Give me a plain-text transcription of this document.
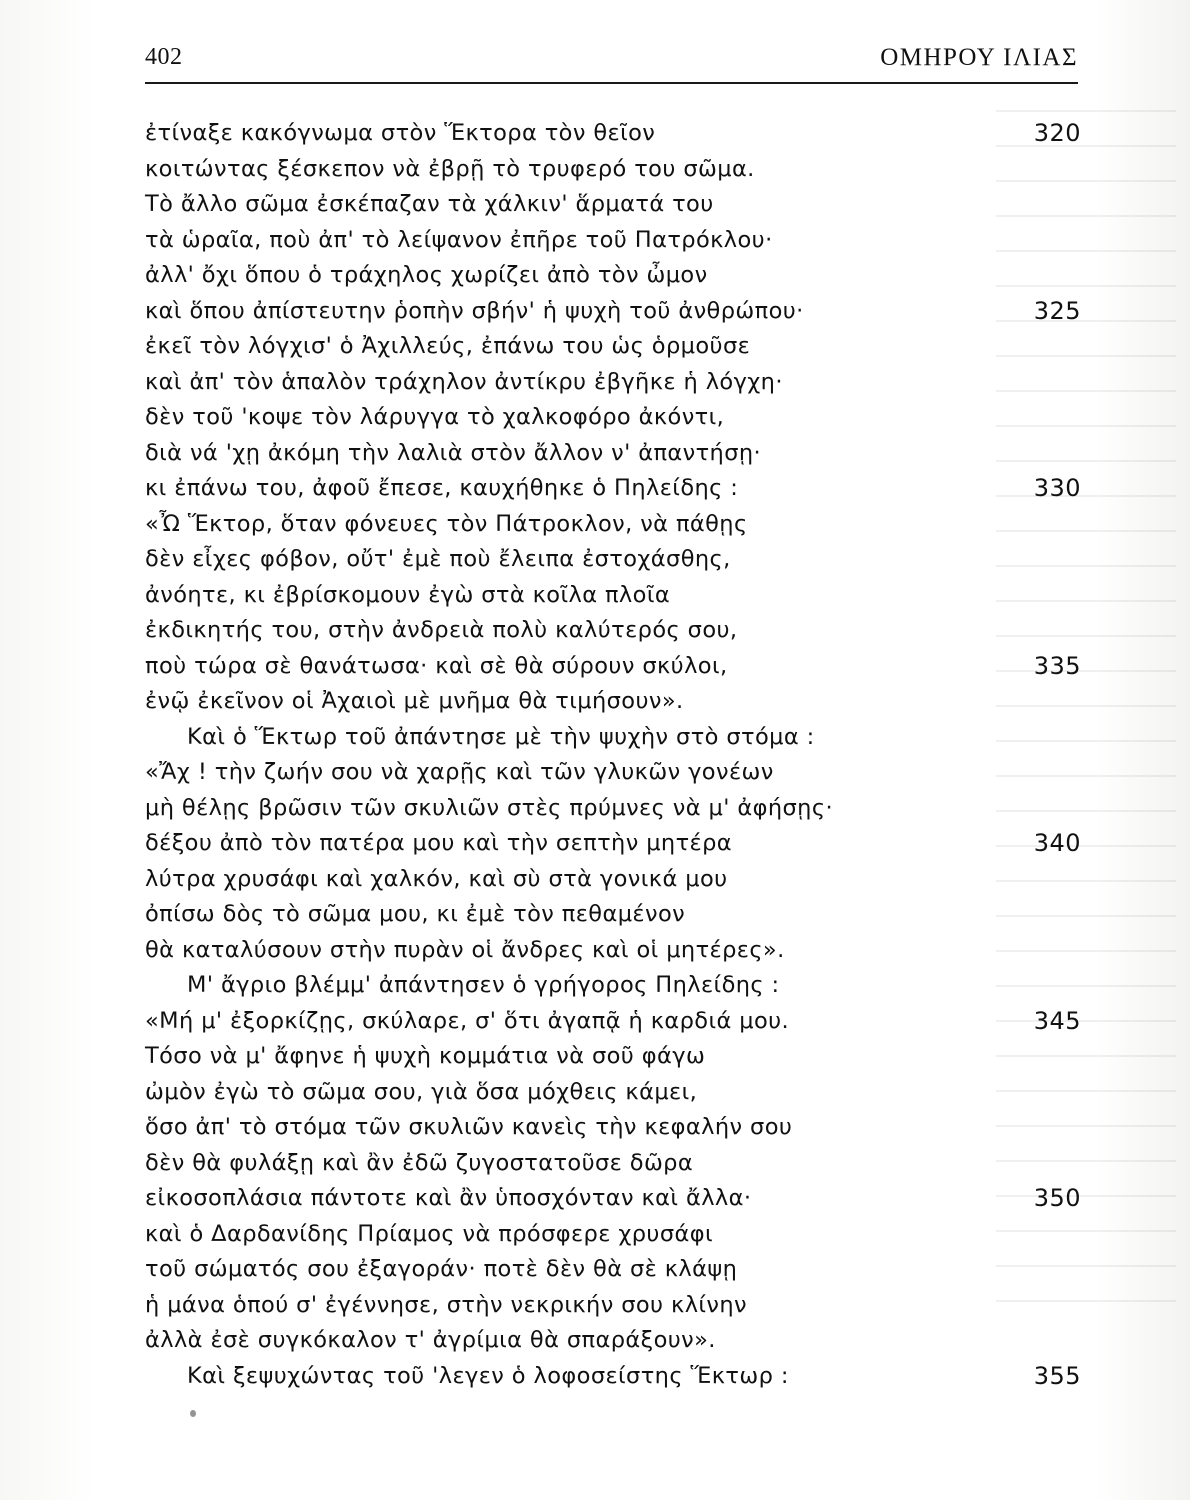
402	ΟΜΗΡΟΥ ΙΛΙΑΣ
ἐτίναξε κακόγνωμα στὸν Ἕκτορα τὸν θεῖον	320
κοιτώντας ξέσκεπον νὰ ἐβρῇ τὸ τρυφερό του σῶμα.
Τὸ ἄλλο σῶμα ἐσκέπαζαν τὰ χάλκιν' ἅρματά του
τὰ ὡραῖα, ποὺ ἀπ' τὸ λείψανον ἐπῆρε τοῦ Πατρόκλου·
ἀλλ' ὄχι ὅπου ὁ τράχηλος χωρίζει ἀπὸ τὸν ὦμον
καὶ ὅπου ἀπίστευτην ῥοπὴν σβήν' ἡ ψυχὴ τοῦ ἀνθρώπου·	325
ἐκεῖ τὸν λόγχισ' ὁ Ἀχιλλεύς, ἐπάνω του ὡς ὁρμοῦσε
καὶ ἀπ' τὸν ἁπαλὸν τράχηλον ἀντίκρυ ἐβγῆκε ἡ λόγχη·
δὲν τοῦ 'κοψε τὸν λάρυγγα τὸ χαλκοφόρο ἀκόντι,
διὰ νά 'χῃ ἀκόμη τὴν λαλιὰ στὸν ἄλλον ν' ἀπαντήσῃ·
κι ἐπάνω του, ἀφοῦ ἔπεσε, καυχήθηκε ὁ Πηλείδης :	330
«Ὦ Ἕκτορ, ὅταν φόνευες τὸν Πάτροκλον, νὰ πάθῃς
δὲν εἶχες φόβον, οὔτ' ἐμὲ ποὺ ἔλειπα ἐστοχάσθης,
ἀνόητε, κι ἐβρίσκομουν ἐγὼ στὰ κοῖλα πλοῖα
ἐκδικητής του, στὴν ἀνδρειὰ πολὺ καλύτερός σου,
ποὺ τώρα σὲ θανάτωσα· καὶ σὲ θὰ σύρουν σκύλοι,	335
ἐνῷ ἐκεῖνον οἱ Ἀχαιοὶ μὲ μνῆμα θὰ τιμήσουν».
Καὶ ὁ Ἕκτωρ τοῦ ἀπάντησε μὲ τὴν ψυχὴν στὸ στόμα :
«Ἄχ ! τὴν ζωήν σου νὰ χαρῇς καὶ τῶν γλυκῶν γονέων
μὴ θέλῃς βρῶσιν τῶν σκυλιῶν στὲς πρύμνες νὰ μ' ἀφήσῃς·
δέξου ἀπὸ τὸν πατέρα μου καὶ τὴν σεπτὴν μητέρα	340
λύτρα χρυσάφι καὶ χαλκόν, καὶ σὺ στὰ γονικά μου
ὀπίσω δὸς τὸ σῶμα μου, κι ἐμὲ τὸν πεθαμένον
θὰ καταλύσουν στὴν πυρὰν οἱ ἄνδρες καὶ οἱ μητέρες».
Μ' ἄγριο βλέμμ' ἀπάντησεν ὁ γρήγορος Πηλείδης :
«Μή μ' ἐξορκίζῃς, σκύλαρε, σ' ὅτι ἀγαπᾷ ἡ καρδιά μου.	345
Τόσο νὰ μ' ἄφηνε ἡ ψυχὴ κομμάτια νὰ σοῦ φάγω
ὠμὸν ἐγὼ τὸ σῶμα σου, γιὰ ὅσα μόχθεις κάμει,
ὅσο ἀπ' τὸ στόμα τῶν σκυλιῶν κανεὶς τὴν κεφαλήν σου
δὲν θὰ φυλάξῃ καὶ ἂν ἐδῶ ζυγοστατοῦσε δῶρα
εἰκοσοπλάσια πάντοτε καὶ ἂν ὑποσχόνταν καὶ ἄλλα·	350
καὶ ὁ Δαρδανίδης Πρίαμος νὰ πρόσφερε χρυσάφι
τοῦ σώματός σου ἐξαγοράν· ποτὲ δὲν θὰ σὲ κλάψῃ
ἡ μάνα ὁπού σ' ἐγέννησε, στὴν νεκρικήν σου κλίνην
ἀλλὰ ἐσὲ συγκόκαλον τ' ἀγρίμια θὰ σπαράξουν».
Καὶ ξεψυχώντας τοῦ 'λεγεν ὁ λοφοσείστης Ἕκτωρ :	355
